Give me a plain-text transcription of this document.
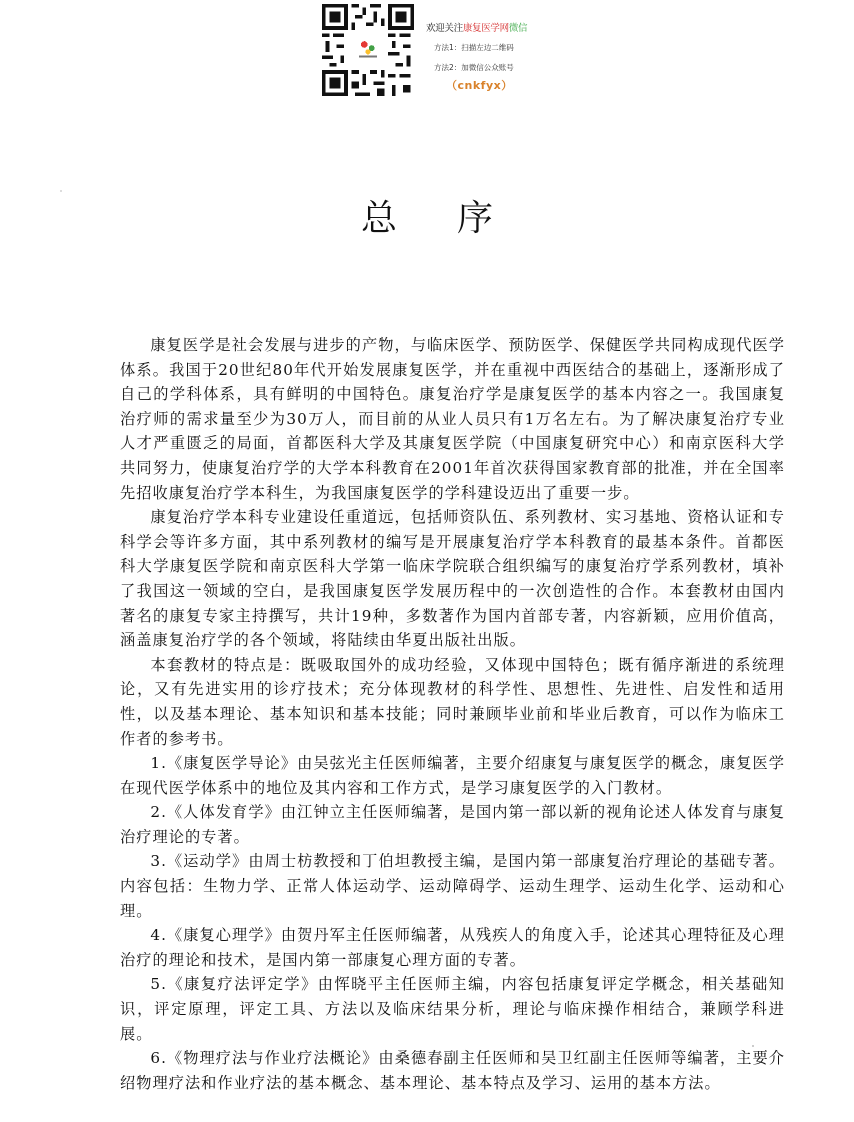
欢迎关注康复医学网微信
方法1：扫描左边二维码
方法2：加微信公众账号
（cnkfyx）
总 序

康复医学是社会发展与进步的产物，与临床医学、预防医学、保健医学共同构成现代医学体系。我国于20世纪80年代开始发展康复医学，并在重视中西医结合的基础上，逐渐形成了自己的学科体系，具有鲜明的中国特色。康复治疗学是康复医学的基本内容之一。我国康复治疗师的需求量至少为30万人，而目前的从业人员只有1万名左右。为了解决康复治疗专业人才严重匮乏的局面，首都医科大学及其康复医学院（中国康复研究中心）和南京医科大学共同努力，使康复治疗学的大学本科教育在2001年首次获得国家教育部的批准，并在全国率先招收康复治疗学本科生，为我国康复医学的学科建设迈出了重要一步。

康复治疗学本科专业建设任重道远，包括师资队伍、系列教材、实习基地、资格认证和专科学会等许多方面，其中系列教材的编写是开展康复治疗学本科教育的最基本条件。首都医科大学康复医学院和南京医科大学第一临床学院联合组织编写的康复治疗学系列教材，填补了我国这一领域的空白，是我国康复医学发展历程中的一次创造性的合作。本套教材由国内著名的康复专家主持撰写，共计19种，多数著作为国内首部专著，内容新颖，应用价值高，涵盖康复治疗学的各个领域，将陆续由华夏出版社出版。

本套教材的特点是：既吸取国外的成功经验，又体现中国特色；既有循序渐进的系统理论，又有先进实用的诊疗技术；充分体现教材的科学性、思想性、先进性、启发性和适用性，以及基本理论、基本知识和基本技能；同时兼顾毕业前和毕业后教育，可以作为临床工作者的参考书。

1.《康复医学导论》由吴弦光主任医师编著，主要介绍康复与康复医学的概念，康复医学在现代医学体系中的地位及其内容和工作方式，是学习康复医学的入门教材。

2.《人体发育学》由江钟立主任医师编著，是国内第一部以新的视角论述人体发育与康复治疗理论的专著。

3.《运动学》由周士枋教授和丁伯坦教授主编，是国内第一部康复治疗理论的基础专著。内容包括：生物力学、正常人体运动学、运动障碍学、运动生理学、运动生化学、运动和心理。

4.《康复心理学》由贺丹军主任医师编著，从残疾人的角度入手，论述其心理特征及心理治疗的理论和技术，是国内第一部康复心理方面的专著。

5.《康复疗法评定学》由恽晓平主任医师主编，内容包括康复评定学概念，相关基础知识，评定原理，评定工具、方法以及临床结果分析，理论与临床操作相结合，兼顾学科进展。

6.《物理疗法与作业疗法概论》由桑德春副主任医师和吴卫红副主任医师等编著，主要介绍物理疗法和作业疗法的基本概念、基本理论、基本特点及学习、运用的基本方法。
